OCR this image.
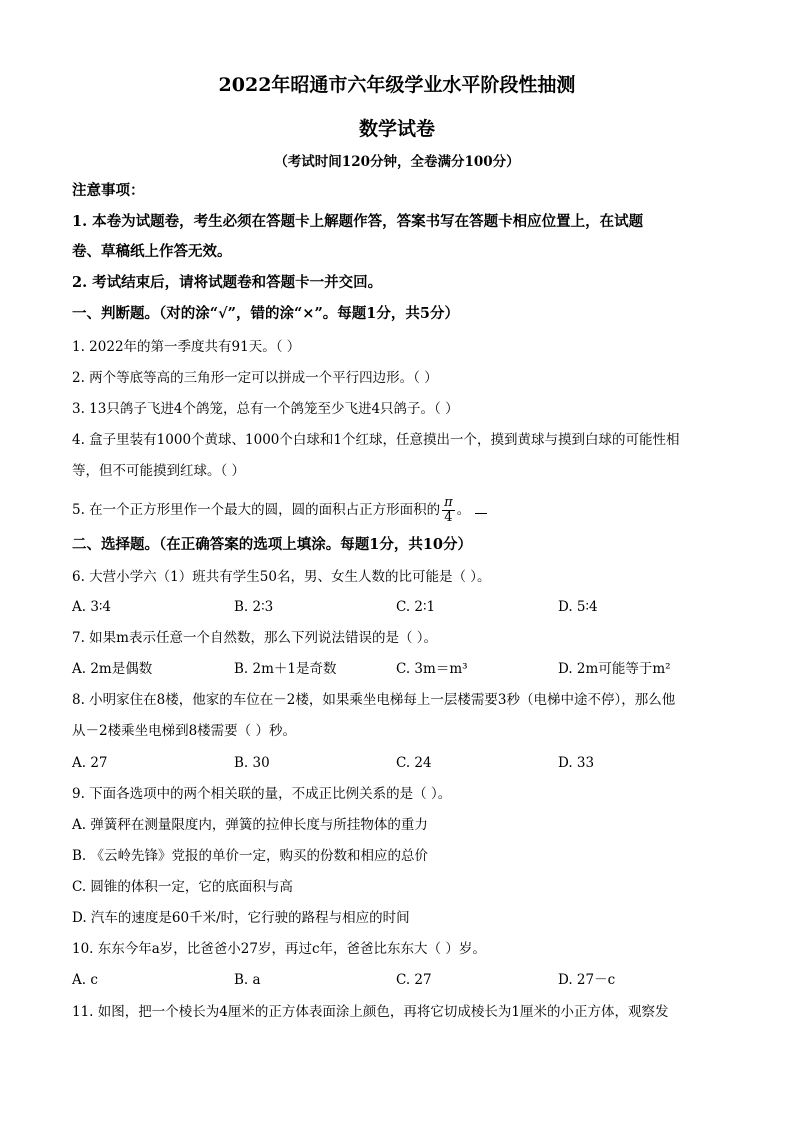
2022年昭通市六年级学业水平阶段性抽测
数学试卷
（考试时间120分钟，全卷满分100分）
注意事项：
1. 本卷为试题卷，考生必须在答题卡上解题作答，答案书写在答题卡相应位置上，在试题
卷、草稿纸上作答无效。
2. 考试结束后，请将试题卷和答题卡一并交回。
一、判断题。（对的涂“√”，错的涂“×”。每题1分，共5分）
1. 2022年的第一季度共有91天。（ ）
2. 两个等底等高的三角形一定可以拼成一个平行四边形。（ ）
3. 13只鸽子飞进4个鸽笼，总有一个鸽笼至少飞进4只鸽子。（ ）
4. 盒子里装有1000个黄球、1000个白球和1个红球，任意摸出一个，摸到黄球与摸到白球的可能性相
等，但不可能摸到红球。（ ）
5. 在一个正方形里作一个最大的圆，圆的面积占正方形面积的 $\frac{\pi}{4}$ 。
二、选择题。（在正确答案的选项上填涂。每题1分，共10分）
6. 大营小学六（1）班共有学生50名，男、女生人数的比可能是（ ）。
A. 3∶4	B. 2∶3	C. 2∶1	D. 5∶4
7. 如果m表示任意一个自然数，那么下列说法错误的是（ ）。
A. 2m是偶数	B. 2m＋1是奇数	C. 3m＝m³	D. 2m可能等于m²
8. 小明家住在8楼，他家的车位在－2楼，如果乘坐电梯每上一层楼需要3秒（电梯中途不停），那么他
从－2楼乘坐电梯到8楼需要（ ）秒。
A. 27	B. 30	C. 24	D. 33
9. 下面各选项中的两个相关联的量，不成正比例关系的是（ ）。
A. 弹簧秤在测量限度内，弹簧的拉伸长度与所挂物体的重力
B. 《云岭先锋》党报的单价一定，购买的份数和相应的总价
C. 圆锥的体积一定，它的底面积与高
D. 汽车的速度是60千米/时，它行驶的路程与相应的时间
10. 东东今年a岁，比爸爸小27岁，再过c年，爸爸比东东大（ ）岁。
A. c	B. a	C. 27	D. 27－c
11. 如图，把一个棱长为4厘米的正方体表面涂上颜色，再将它切成棱长为1厘米的小正方体，观察发
